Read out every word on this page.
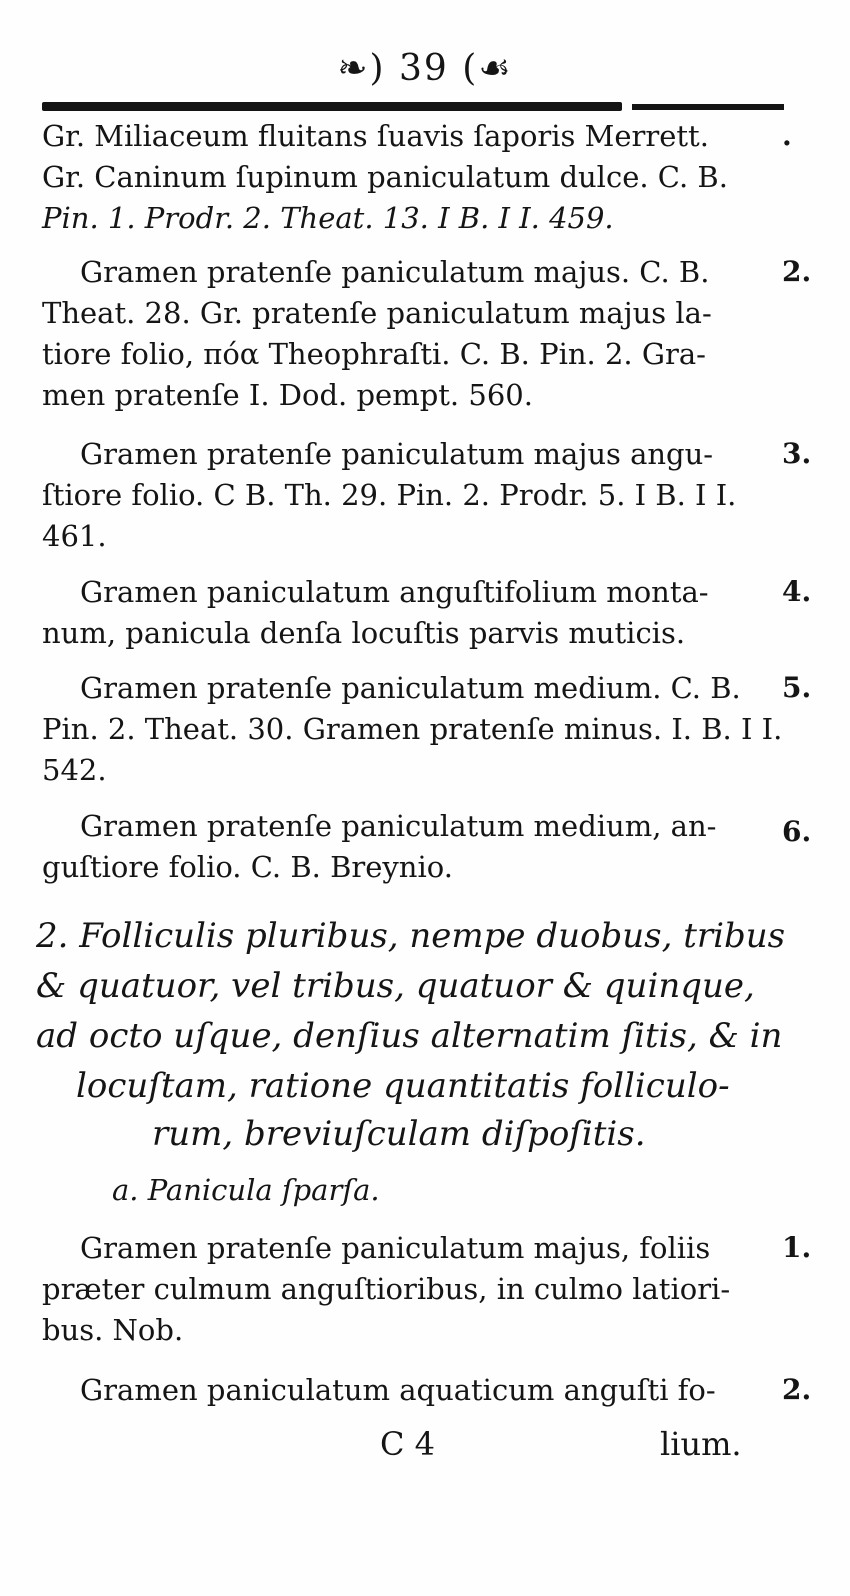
❧) 39 (☙
Gr. Miliaceum fluitans ſuavis ſaporis Merrett.
Gr. Caninum ſupinum paniculatum dulce. C. B.
Pin. 1. Prodr. 2. Theat. 13. I B. I I. 459.
.
Gramen pratenſe paniculatum majus. C. B.
Theat. 28. Gr. pratenſe paniculatum majus la-
tiore folio, πόα Theophraſti. C. B. Pin. 2. Gra-
men pratenſe I. Dod. pempt. 560.
2.
Gramen pratenſe paniculatum majus angu-
ſtiore folio. C B. Th. 29. Pin. 2. Prodr. 5. I B. I I.
461.
3.
Gramen paniculatum anguſtifolium monta-
num, panicula denſa locuſtis parvis muticis.
4.
Gramen pratenſe paniculatum medium. C. B.
Pin. 2. Theat. 30. Gramen pratenſe minus. I. B. I I.
542.
5.
Gramen pratenſe paniculatum medium, an-
guſtiore folio. C. B. Breynio.
6.
2. Folliculis pluribus, nempe duobus, tribus
& quatuor, vel tribus, quatuor & quinque,
ad octo uſque, denſius alternatim ſitis, & in
locuſtam, ratione quantitatis folliculo-
rum, breviuſculam diſpoſitis.
a. Panicula ſparſa.
Gramen pratenſe paniculatum majus, foliis
præter culmum anguſtioribus, in culmo latiori-
bus. Nob.
1.
Gramen paniculatum aquaticum anguſti fo- 2.
C 4	lium.
